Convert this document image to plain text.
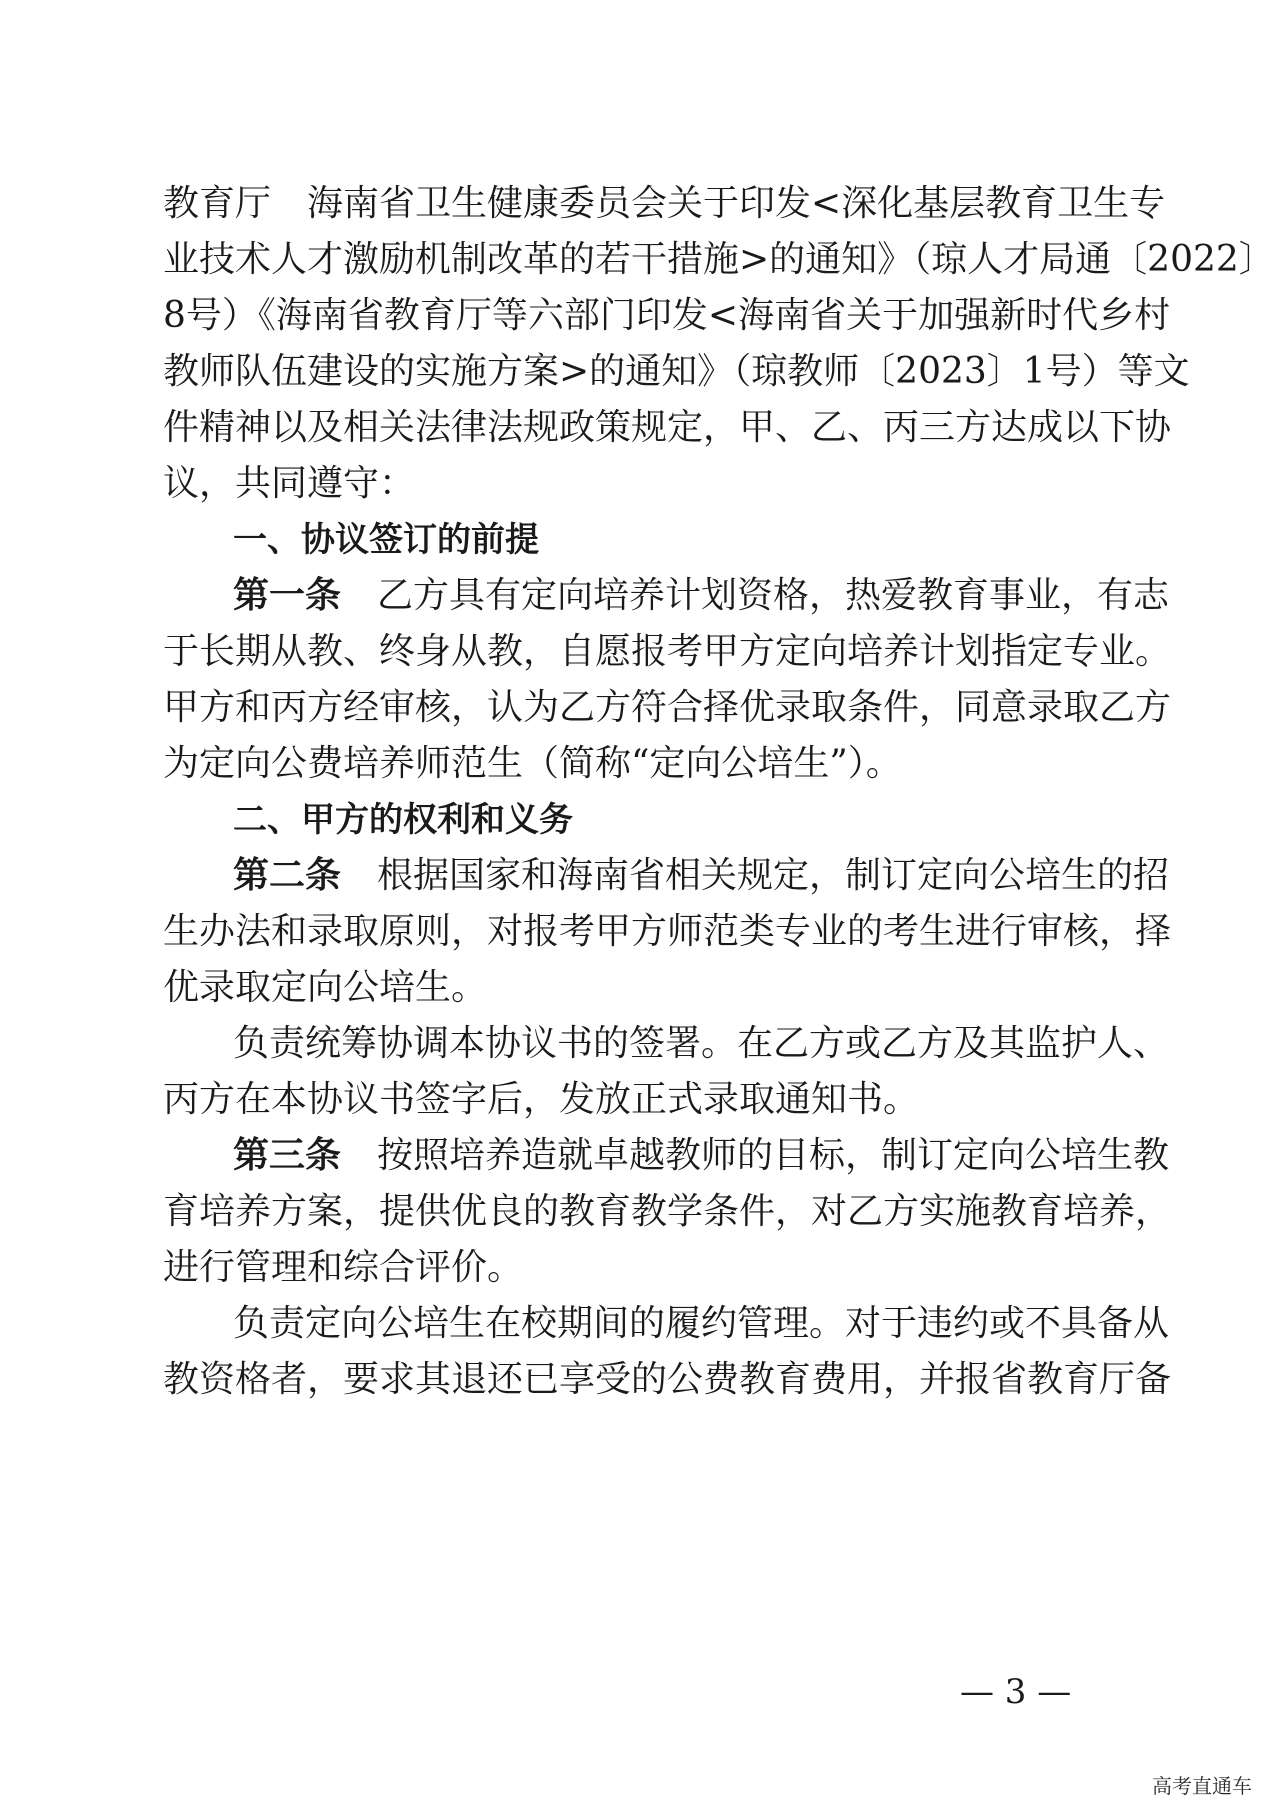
教育厅　海南省卫生健康委员会关于印发<深化基层教育卫生专
业技术人才激励机制改革的若干措施>的通知》（琼人才局通〔2022〕
8号）《海南省教育厅等六部门印发<海南省关于加强新时代乡村
教师队伍建设的实施方案>的通知》（琼教师〔2023〕1号）等文
件精神以及相关法律法规政策规定，甲、乙、丙三方达成以下协
议，共同遵守：
一、协议签订的前提
第一条　 乙方具有定向培养计划资格，热爱教育事业，有志
于长期从教、终身从教，自愿报考甲方定向培养计划指定专业。
甲方和丙方经审核，认为乙方符合择优录取条件，同意录取乙方
为定向公费培养师范生（简称“定向公培生”）。
二、甲方的权利和义务
第二条　 根据国家和海南省相关规定，制订定向公培生的招
生办法和录取原则，对报考甲方师范类专业的考生进行审核，择
优录取定向公培生。
负责统筹协调本协议书的签署。在乙方或乙方及其监护人、
丙方在本协议书签字后，发放正式录取通知书。
第三条　 按照培养造就卓越教师的目标，制订定向公培生教
育培养方案，提供优良的教育教学条件，对乙方实施教育培养，
进行管理和综合评价。
负责定向公培生在校期间的履约管理。对于违约或不具备从
教资格者，要求其退还已享受的公费教育费用，并报省教育厅备
— 3 —
高考直通车
